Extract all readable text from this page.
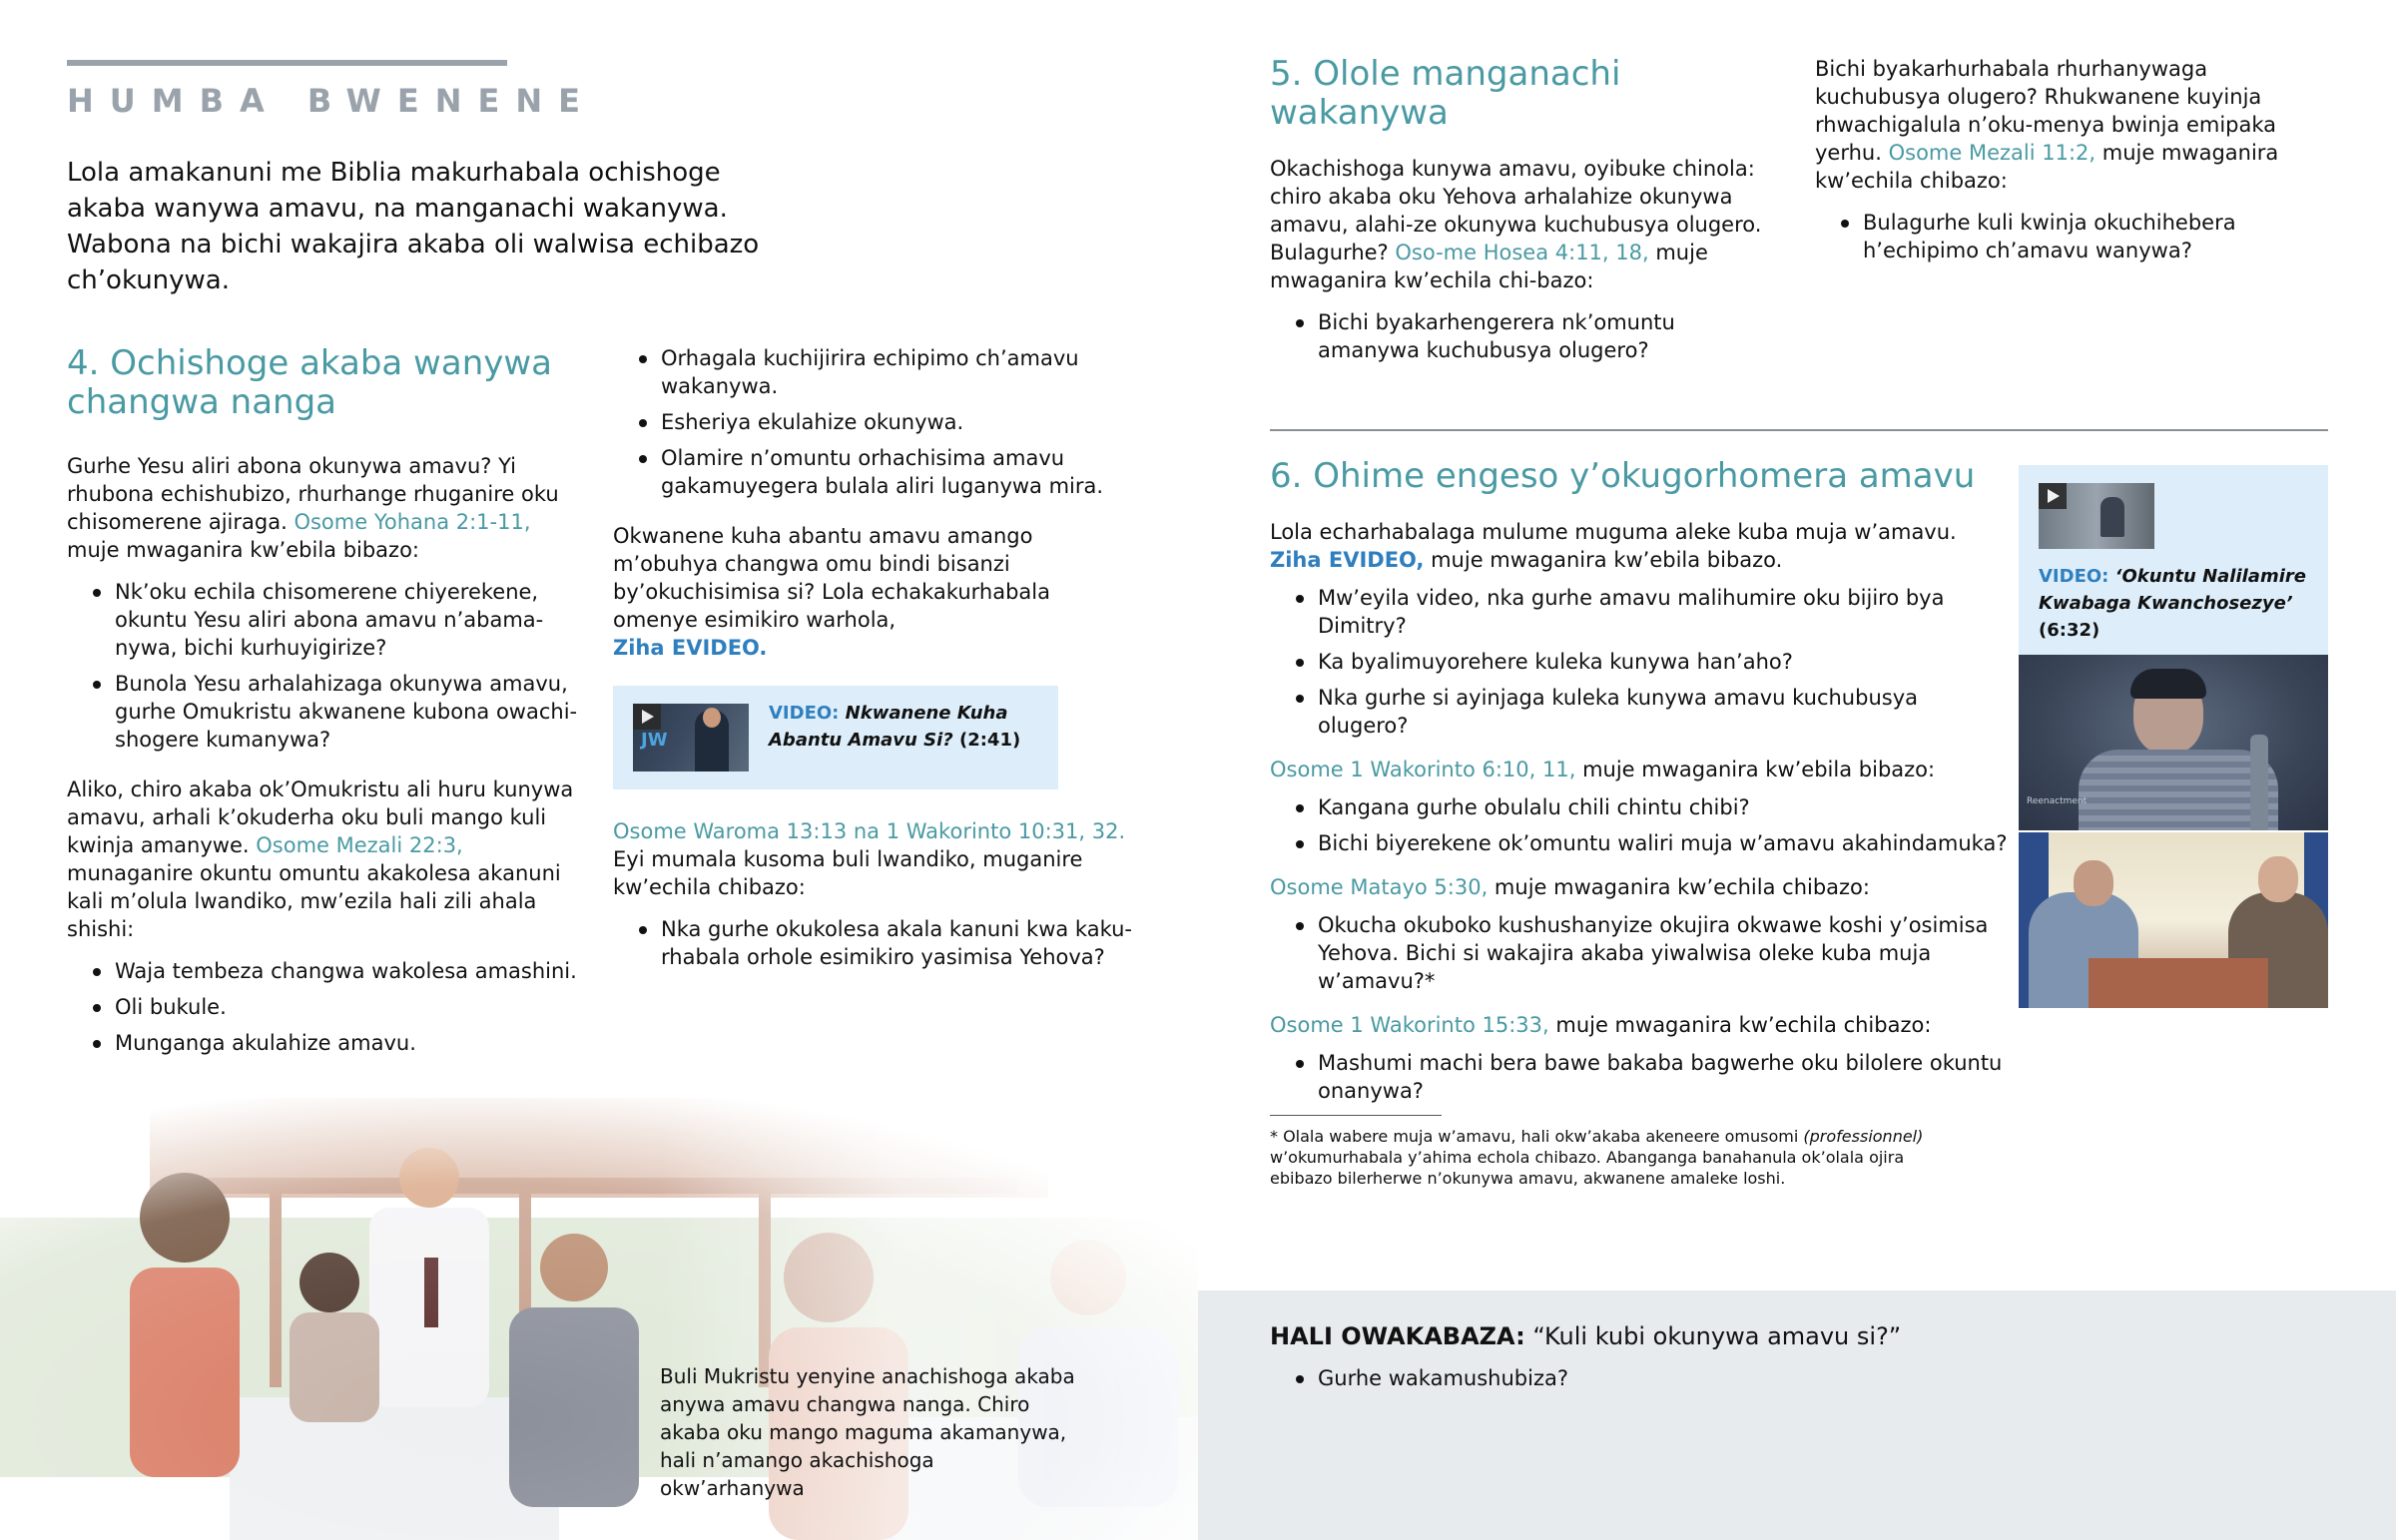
HUMBA BWENENE

Lola amakanuni me Biblia makurhabala ochishoge akaba wanywa amavu, na manganachi wakanywa. Wabona na bichi wakajira akaba oli walwisa echibazo ch’okunywa.

4. Ochishoge akaba wanywa changwa nanga

Gurhe Yesu aliri abona okunywa amavu? Yi rhubona echishubizo, rhurhange rhuganire oku chisomerene ajiraga. Osome Yohana 2:1-11, muje mwaganira kw’ebila bibazo:

Nk’oku echila chisomerene chiyerekene, okuntu Yesu aliri abona amavu n’abama-nywa, bichi kurhuyigirize?
Bunola Yesu arhalahizaga okunywa amavu, gurhe Omukristu akwanene kubona owachi-shogere kumanywa?

Aliko, chiro akaba ok’Omukristu ali huru kunywa amavu, arhali k’okuderha oku buli mango kuli kwinja amanywe. Osome Mezali 22:3, munaganire okuntu omuntu akakolesa akanuni kali m’olula lwandiko, mw’ezila hali zili ahala shishi:

Waja tembeza changwa wakolesa amashini.
Oli bukule.
Munganga akulahize amavu.
Orhagala kuchijirira echipimo ch’amavu wakanywa.
Esheriya ekulahize okunywa.
Olamire n’omuntu orhachisima amavu gakamuyegera bulala aliri luganywa mira.

Okwanene kuha abantu amavu amango m’obuhya changwa omu bindi bisanzi by’okuchisimisa si? Lola echakakurhabala omenye esimikiro warhola,
Ziha EVIDEO.

JW
VIDEO: Nkwanene Kuha Abantu Amavu Si? (2:41)

Osome Waroma 13:13 na 1 Wakorinto 10:31, 32.

Eyi mumala kusoma buli lwandiko, muganire kw’echila chibazo:

Nka gurhe okukolesa akala kanuni kwa kaku-rhabala orhole esimikiro yasimisa Yehova?

Buli Mukristu yenyine anachishoga akaba anywa amavu changwa nanga. Chiro akaba oku mango maguma akamanywa, hali n’amango akachishoga okw’arhanywa

5. Olole manganachi wakanywa

Okachishoga kunywa amavu, oyibuke chinola: chiro akaba oku Yehova arhalahize okunywa amavu, alahi-ze okunywa kuchubusya olugero. Bulagurhe? Oso-me Hosea 4:11, 18, muje mwaganira kw’echila chi-bazo:

Bichi byakarhengerera nk’omuntu amanywa kuchubusya olugero?

Bichi byakarhurhabala rhurhanywaga kuchubusya olugero? Rhukwanene kuyinja rhwachigalula n’oku-menya bwinja emipaka yerhu. Osome Mezali 11:2, muje mwaganira kw’echila chibazo:

Bulagurhe kuli kwinja okuchihebera h’echipimo ch’amavu wanywa?
6. Ohime engeso y’okugorhomera amavu

Lola echarhabalaga mulume muguma aleke kuba muja w’amavu.
Ziha EVIDEO, muje mwaganira kw’ebila bibazo.

Mw’eyila video, nka gurhe amavu malihumire oku bijiro bya Dimitry?
Ka byalimuyorehere kuleka kunywa han’aho?
Nka gurhe si ayinjaga kuleka kunywa amavu kuchubusya olugero?

Osome 1 Wakorinto 6:10, 11, muje mwaganira kw’ebila bibazo:

Kangana gurhe obulalu chili chintu chibi?
Bichi biyerekene ok’omuntu waliri muja w’amavu akahindamuka?

Osome Matayo 5:30, muje mwaganira kw’echila chibazo:

Okucha okuboko kushushanyize okujira okwawe koshi y’osimisa Yehova. Bichi si wakajira akaba yiwalwisa oleke kuba muja w’amavu?*

Osome 1 Wakorinto 15:33, muje mwaganira kw’echila chibazo:

Mashumi machi bera bawe bakaba bagwerhe oku bilolere okuntu onanywa?

* Olala wabere muja w’amavu, hali okw’akaba akeneere omusomi (professionnel) w’okumurhabala y’ahima echola chibazo. Abanganga banahanula ok’olala ojira ebibazo bilerherwe n’okunywa amavu, akwanene amaleke loshi.

VIDEO: ‘Okuntu Nalilamire Kwabaga Kwanchosezye’
(6:32)
Reenactment

HALI OWAKABAZA: “Kuli kubi okunywa amavu si?”

Gurhe wakamushubiza?
